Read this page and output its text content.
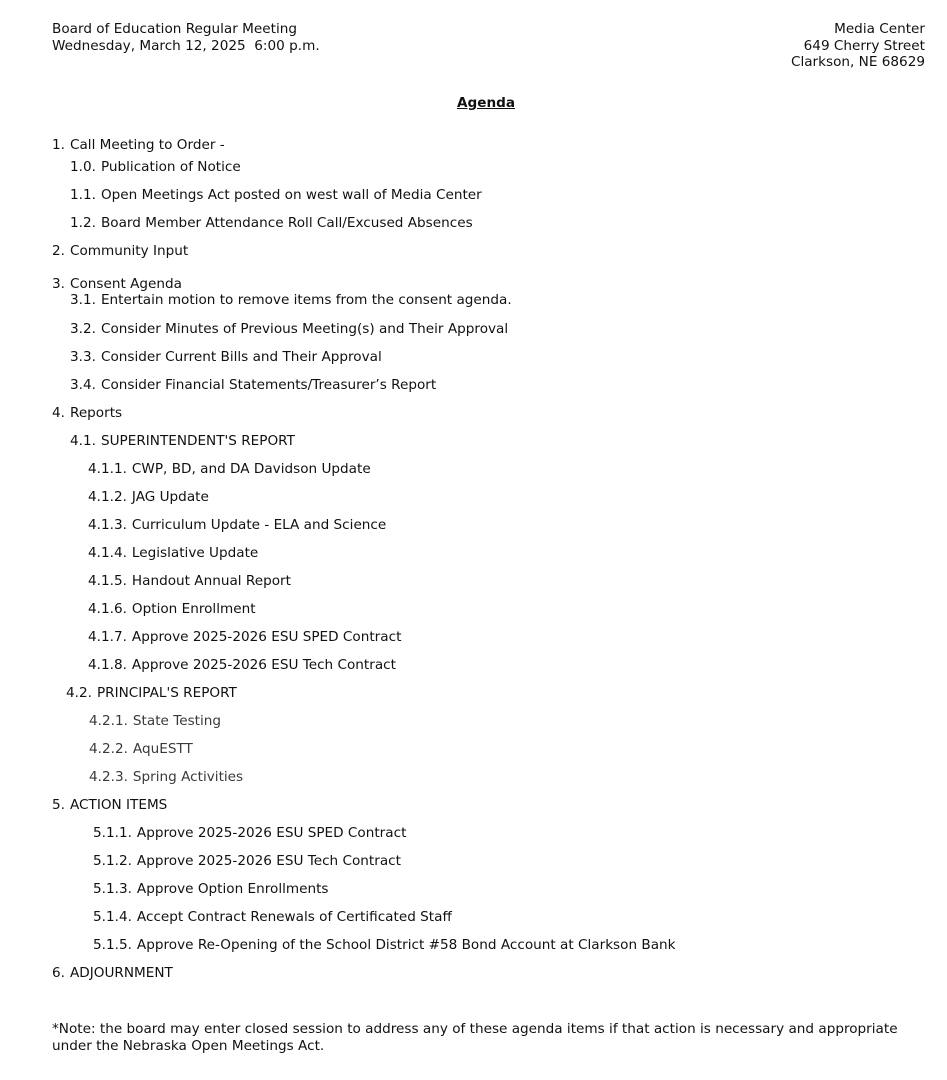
Board of Education Regular Meeting
Wednesday, March 12, 2025  6:00 p.m.
Media Center
649 Cherry Street
Clarkson, NE 68629
Agenda
1. Call Meeting to Order -
1.0. Publication of Notice
1.1. Open Meetings Act posted on west wall of Media Center
1.2. Board Member Attendance Roll Call/Excused Absences
2. Community Input
3. Consent Agenda
3.1. Entertain motion to remove items from the consent agenda.
3.2. Consider Minutes of Previous Meeting(s) and Their Approval
3.3. Consider Current Bills and Their Approval
3.4. Consider Financial Statements/Treasurer’s Report
4. Reports
4.1. SUPERINTENDENT'S REPORT
4.1.1. CWP, BD, and DA Davidson Update
4.1.2. JAG Update
4.1.3. Curriculum Update - ELA and Science
4.1.4. Legislative Update
4.1.5. Handout Annual Report
4.1.6. Option Enrollment
4.1.7. Approve 2025-2026 ESU SPED Contract
4.1.8. Approve 2025-2026 ESU Tech Contract
4.2. PRINCIPAL'S REPORT
4.2.1. State Testing
4.2.2. AquESTT
4.2.3. Spring Activities
5. ACTION ITEMS
5.1.1. Approve 2025-2026 ESU SPED Contract
5.1.2. Approve 2025-2026 ESU Tech Contract
5.1.3. Approve Option Enrollments
5.1.4. Accept Contract Renewals of Certificated Staff
5.1.5. Approve Re-Opening of the School District #58 Bond Account at Clarkson Bank
6. ADJOURNMENT
*Note: the board may enter closed session to address any of these agenda items if that action is necessary and appropriate under the Nebraska Open Meetings Act.
